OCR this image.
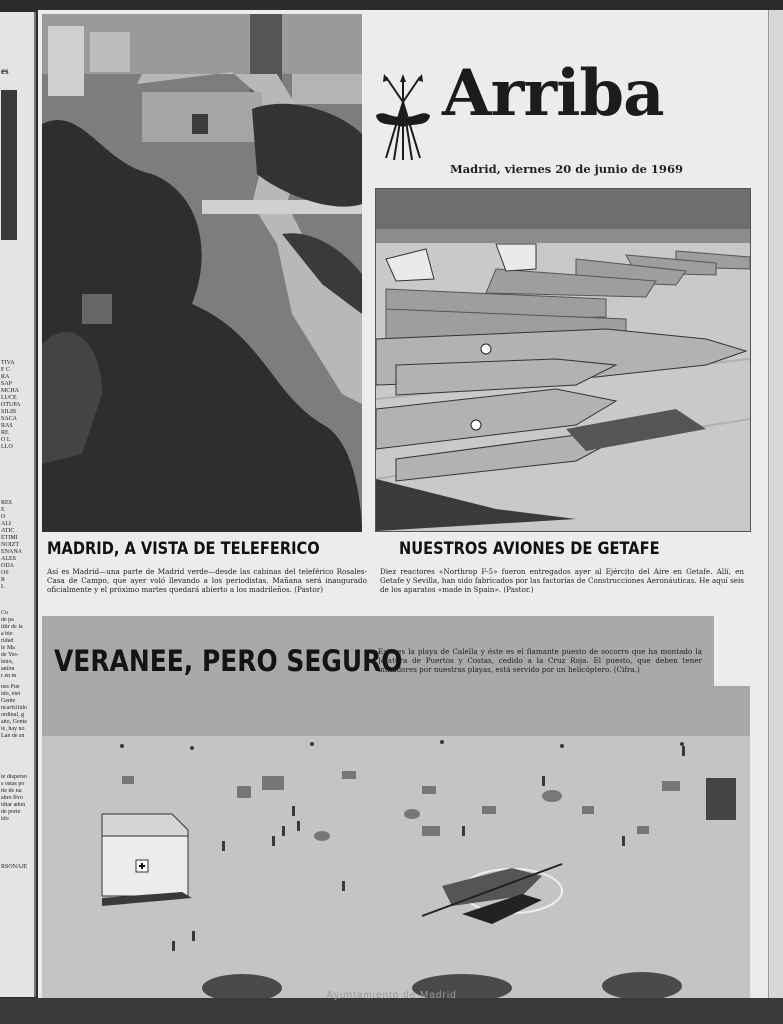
es
TIVA
F C
RA
SAP
MCHA
LUCE
OTUPA
SILIB
SACA
RAS
RE
O L
LLO
RES
E
O
ALI
ATIC
ETIMI
NOIZT
ENANA
ALES
ODA
OS
R
L
Co
de pa
ittir de la
a bie
ridad
le Ma
de Yes-
letrá,
anión
r en m
nes Pue
ido, etei
Gente
ncarfcilido
ordinal, g
año, Gente
ie, hay no
Lan de sn
le dispersó
s ostas po
ite de nu
abro Ilvo
idiar adón
de porte
ldo
RSONAJE
Arriba
Madrid, viernes 20 de junio de 1969
MADRID, A VISTA DE TELEFERICO
Así es Madrid—una parte de Madrid verde—desde las cabinas del teleférico Rosales-Casa de Campo, que ayer voló llevando a los periodistas. Mañana será inaugurado oficialmente y el próximo martes quedará abierto a los madrileños. (Pastor)
NUESTROS AVIONES DE GETAFE
Diez reactores «Northrop F-5» fueron entregados ayer al Ejército del Aire en Getafe. Allí, en Getafe y Sevilla, han sido fabricados por las factorías de Construcciones Aeronáuticas. He aquí seis de los aparatos «made in Spain». (Pastor.)
VERANEE, PERO SEGURO
Esta es la playa de Calella y éste es el flamante puesto de socorro que ha montado la Jefatura de Puertos y Costas, cedido a la Cruz Roja. El puesto, que deben tener imitadores por nuestras playas, está servido por un helicóptero. (Cifra.)
Ayuntamiento de Madrid
